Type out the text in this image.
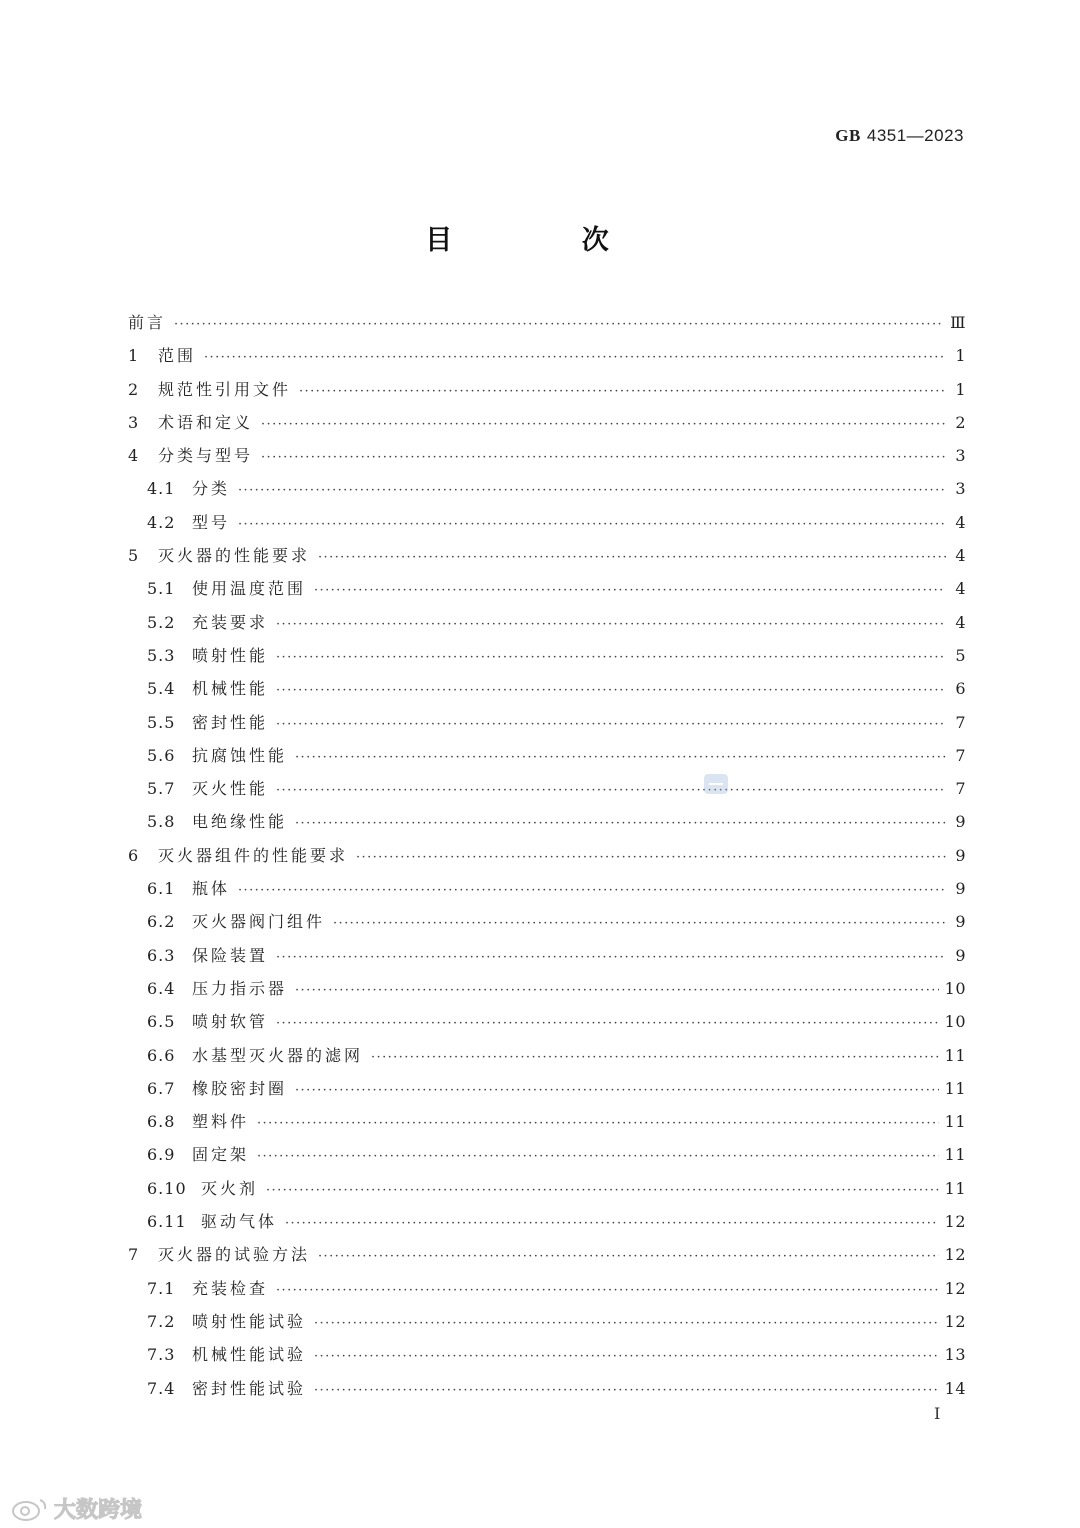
GB 4351—2023
目 次
前言 ·····	Ⅲ
1	范围 ·····	1
2	规范性引用文件 ·····	1
3	术语和定义 ·····	2
4	分类与型号 ·····	3
4.1	分类 ·····	3
4.2	型号 ·····	4
5	灭火器的性能要求 ·····	4
5.1	使用温度范围 ·····	4
5.2	充装要求 ·····	4
5.3	喷射性能 ·····	5
5.4	机械性能 ·····	6
5.5	密封性能 ·····	7
5.6	抗腐蚀性能 ·····	7
5.7	灭火性能 ·····	7
5.8	电绝缘性能 ·····	9
6	灭火器组件的性能要求 ·····	9
6.1	瓶体 ·····	9
6.2	灭火器阀门组件 ·····	9
6.3	保险装置 ·····	9
6.4	压力指示器 ·····	10
6.5	喷射软管 ·····	10
6.6	水基型灭火器的滤网 ·····	11
6.7	橡胶密封圈 ·····	11
6.8	塑料件 ·····	11
6.9	固定架 ·····	11
6.10 灭火剂 ·····	11
6.11 驱动气体 ·····	12
7	灭火器的试验方法 ·····	12
7.1	充装检查 ·····	12
7.2	喷射性能试验 ·····	12
7.3	机械性能试验 ·····	13
7.4	密封性能试验 ·····	14
I
大数跨境
